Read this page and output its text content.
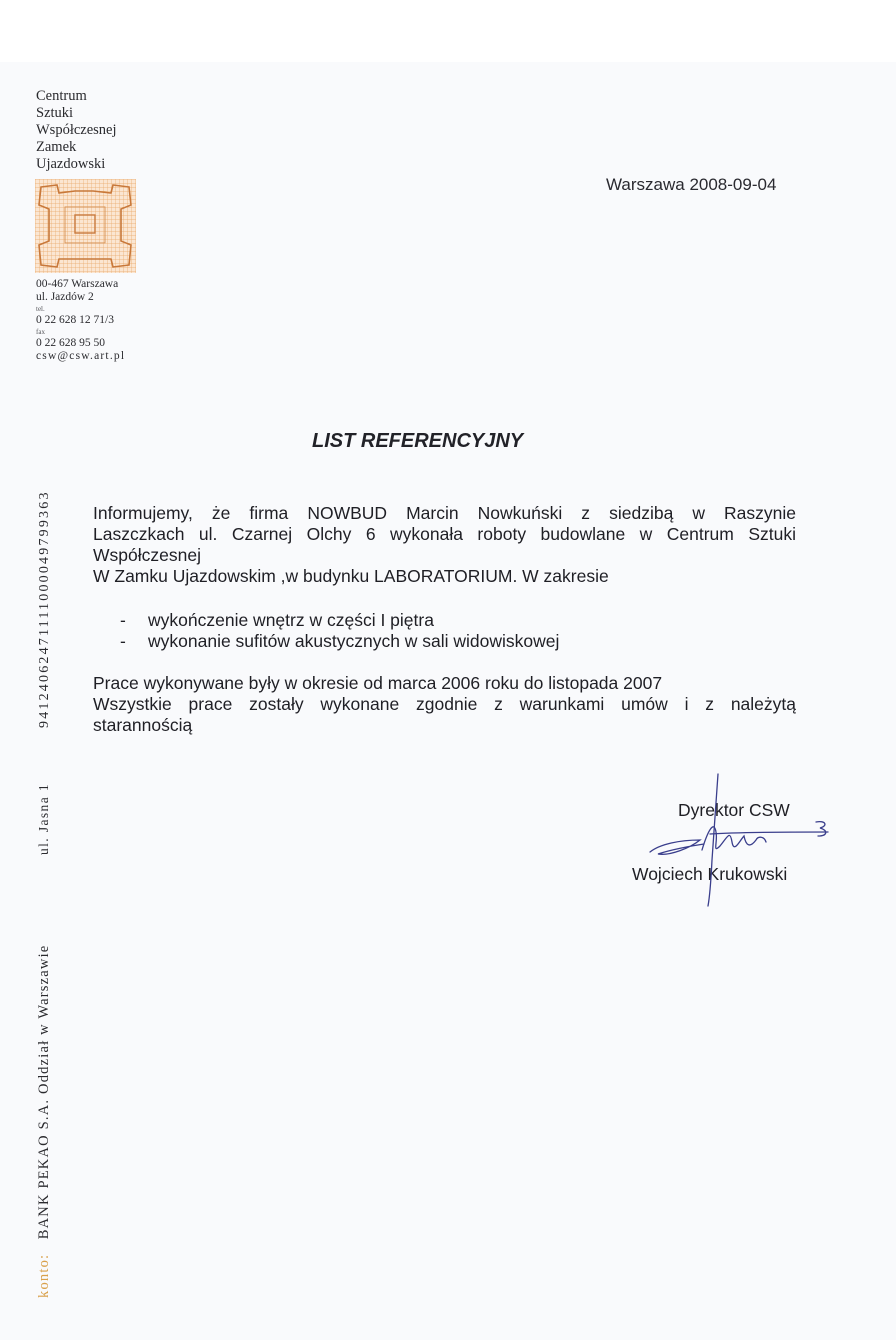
Centrum
Sztuki
Współczesnej
Zamek
Ujazdowski
00-467 Warszawa
ul. Jazdów 2
tel.
0 22 628 12 71/3
fax
0 22 628 95 50
csw@csw.art.pl
94124062471111000049799363
ul. Jasna 1
konto:   BANK PEKAO S.A. Oddział w Warszawie
Warszawa 2008-09-04
LIST REFERENCYJNY
Informujemy, że firma NOWBUD Marcin Nowkuński z siedzibą w Raszynie
Laszczkach ul. Czarnej Olchy 6 wykonała roboty budowlane w Centrum Sztuki
Współczesnej
W Zamku Ujazdowskim ,w budynku LABORATORIUM. W zakresie
- wykończenie wnętrz w części I piętra
- wykonanie sufitów akustycznych w sali widowiskowej
Prace wykonywane były w okresie od marca 2006 roku do listopada 2007
Wszystkie prace zostały wykonane zgodnie z warunkami umów i z należytą
starannością
Dyrektor CSW
Wojciech Krukowski
